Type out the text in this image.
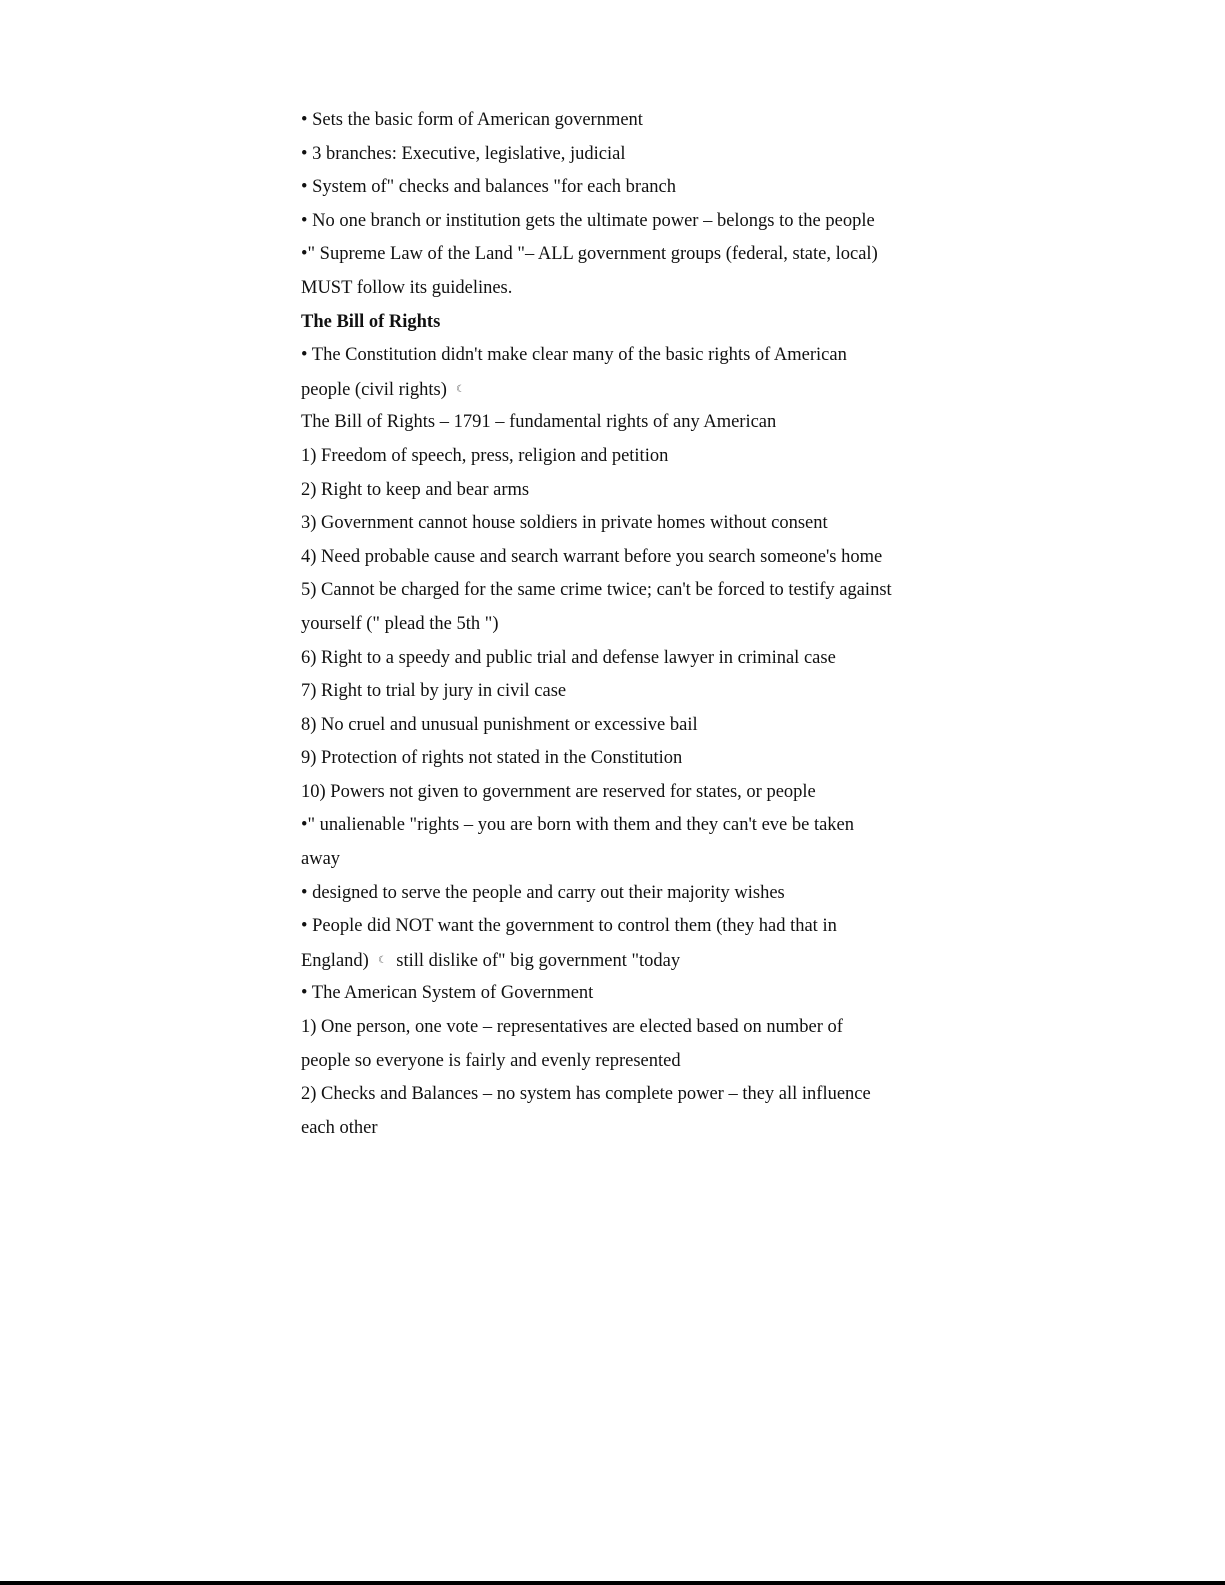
• Sets the basic form of American government
• 3 branches: Executive, legislative, judicial
• System of" checks and balances "for each branch
• No one branch or institution gets the ultimate power – belongs to the people
•" Supreme Law of the Land "– ALL government groups (federal, state, local)
MUST follow its guidelines.
The Bill of Rights
• The Constitution didn't make clear many of the basic rights of American
people (civil rights) ☾
The Bill of Rights – 1791 – fundamental rights of any American
1) Freedom of speech, press, religion and petition
2) Right to keep and bear arms
3) Government cannot house soldiers in private homes without consent
4) Need probable cause and search warrant before you search someone's home
5) Cannot be charged for the same crime twice; can't be forced to testify against
yourself (" plead the 5th ")
6) Right to a speedy and public trial and defense lawyer in criminal case
7) Right to trial by jury in civil case
8) No cruel and unusual punishment or excessive bail
9) Protection of rights not stated in the Constitution
10) Powers not given to government are reserved for states, or people
•" unalienable "rights – you are born with them and they can't eve be taken
away
• designed to serve the people and carry out their majority wishes
• People did NOT want the government to control them (they had that in
England) ☾ still dislike of" big government "today
• The American System of Government
1) One person, one vote – representatives are elected based on number of
people so everyone is fairly and evenly represented
2) Checks and Balances – no system has complete power – they all influence
each other
